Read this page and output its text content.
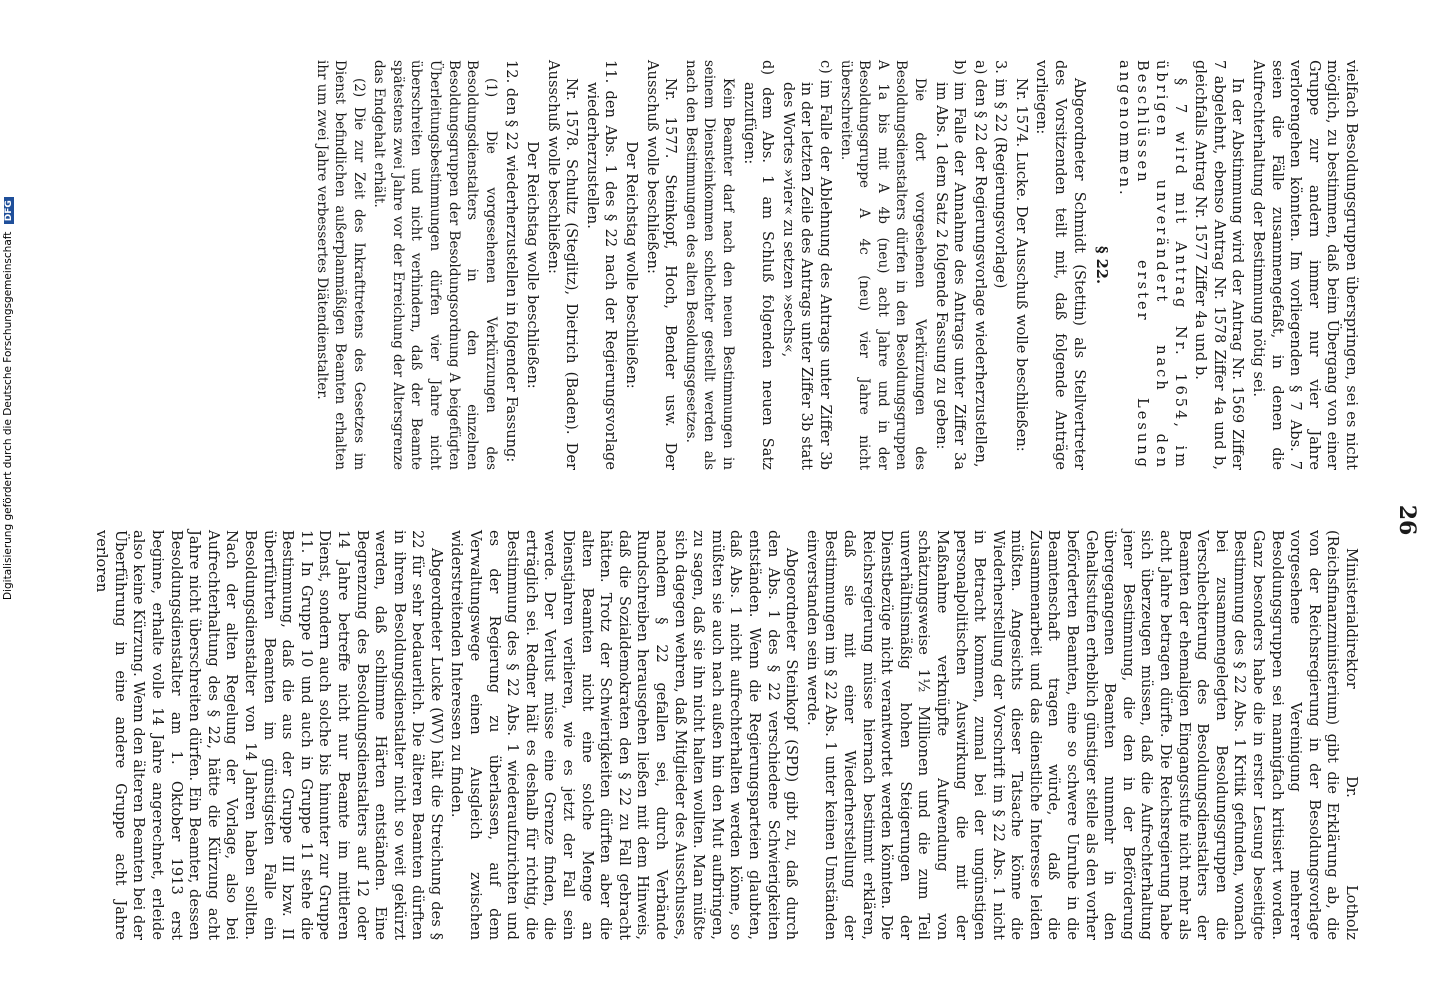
26

vielfach Besoldungsgruppen überspringen, sei es nicht möglich, zu bestimmen, daß beim Übergang von einer Gruppe zur andern immer nur vier Jahre verlorengehen könnten. Im vorliegenden § 7 Abs. 7 seien die Fälle zusammengefaßt, in denen die Aufrechterhaltung der Bestimmung nötig sei.

In der Abstimmung wird der Antrag Nr. 1569 Ziffer 7 abgelehnt, ebenso Antrag Nr. 1578 Ziffer 4a und b, gleichfalls Antrag Nr. 1577 Ziffer 4a und b.

§ 7 wird mit Antrag Nr. 1654, im übrigen unverändert nach den Beschlüssen erster Lesung angenommen.

§ 22.

Abgeordneter Schmidt (Stettin) als Stellvertreter des Vorsitzenden teilt mit, daß folgende Anträge vorliegen:

Nr. 1574. Lucke. Der Ausschuß wolle beschließen:

3. im § 22 (Regierungsvorlage)

a) den § 22 der Regierungsvorlage wiederherzustellen,

b) im Falle der Annahme des Antrags unter Ziffer 3a im Abs. 1 dem Satz 2 folgende Fassung zu geben:

Die dort vorgesehenen Verkürzungen des Besoldungsdienstalters dürfen in den Besoldungsgruppen A 1a bis mit A 4b (neu) acht Jahre und in der Besoldungsgruppe A 4c (neu) vier Jahre nicht überschreiten.

c) im Falle der Ablehnung des Antrags unter Ziffer 3b in der letzten Zeile des Antrags unter Ziffer 3b statt des Wortes »vier« zu setzen »sechs«,

d) dem Abs. 1 am Schluß folgenden neuen Satz anzufügen:

Kein Beamter darf nach den neuen Bestimmungen in seinem Diensteinkommen schlechter gestellt werden als nach den Bestimmungen des alten Besoldungsgesetzes.

Nr. 1577. Steinkopf, Hoch, Bender usw. Der Ausschuß wolle beschließen:

Der Reichstag wolle beschließen:

11. den Abs. 1 des § 22 nach der Regierungsvorlage wiederherzustellen.

Nr. 1578. Schultz (Steglitz), Dietrich (Baden). Der Ausschuß wolle beschließen:

Der Reichstag wolle beschließen:

12. den § 22 wiederherzustellen in folgender Fassung:

(1) Die vorgesehenen Verkürzungen des Besoldungsdienstalters in den einzelnen Besoldungsgruppen der Besoldungsordnung A beigefügten Überleitungsbestimmungen dürfen vier Jahre nicht überschreiten und nicht verhindern, daß der Beamte spätestens zwei Jahre vor der Erreichung der Altersgrenze das Endgehalt erhält.

(2) Die zur Zeit des Inkrafttretens des Gesetzes im Dienst befindlichen außerplanmäßigen Beamten erhalten ihr um zwei Jahre verbessertes Diätendienstalter.

Ministerialdirektor Dr. Lotholz (Reichsfinanzministerium) gibt die Erklärung ab, die von der Reichsregierung in der Besoldungsvorlage vorgesehene Vereinigung mehrerer Besoldungsgruppen sei mannigfach kritisiert worden. Ganz besonders habe die in erster Lesung beseitigte Bestimmung des § 22 Abs. 1 Kritik gefunden, wonach bei zusammengelegten Besoldungsgruppen die Verschlechterung des Besoldungsdienstalters der Beamten der ehemaligen Eingangsstufe nicht mehr als acht Jahre betragen dürfte. Die Reichsregierung habe sich überzeugen müssen, daß die Aufrechterhaltung jener Bestimmung, die den in der Beförderung übergegangenen Beamten nunmehr in den Gehaltsstufen erheblich günstiger stelle als den vorher beförderten Beamten, eine so schwere Unruhe in die Beamtenschaft tragen würde, daß die Zusammenarbeit und das dienstliche Interesse leiden müßten. Angesichts dieser Tatsache könne die Wiederherstellung der Vorschrift im § 22 Abs. 1 nicht in Betracht kommen, zumal bei der ungünstigen personalpolitischen Auswirkung die mit der Maßnahme verknüpfte Aufwendung von schätzungsweise 1½ Millionen und die zum Teil unverhältnismäßig hohen Steigerungen der Dienstbezüge nicht verantwortet werden könnten. Die Reichsregierung müsse hiernach bestimmt erklären, daß sie mit einer Wiederherstellung der Bestimmungen im § 22 Abs. 1 unter keinen Umständen einverstanden sein werde.

Abgeordneter Steinkopf (SPD) gibt zu, daß durch den Abs. 1 des § 22 verschiedene Schwierigkeiten entständen. Wenn die Regierungsparteien glaubten, daß Abs. 1 nicht aufrechterhalten werden könne, so müßten sie auch nach außen hin den Mut aufbringen, zu sagen, daß sie ihn nicht halten wollten. Man müßte sich dagegen wehren, daß Mitglieder des Ausschusses, nachdem § 22 gefallen sei, durch Verbände Rundschreiben herausgehen ließen mit dem Hinweis, daß die Sozialdemokraten den § 22 zu Fall gebracht hätten. Trotz der Schwierigkeiten dürften aber die alten Beamten nicht eine solche Menge an Dienstjahren verlieren, wie es jetzt der Fall sein werde. Der Verlust müsse eine Grenze finden, die erträglich sei. Redner hält es deshalb für richtig, die Bestimmung des § 22 Abs. 1 wiederaufzurichten und es der Regierung zu überlassen, auf dem Verwaltungswege einen Ausgleich zwischen widerstreitenden Interessen zu finden.

Abgeordneter Lucke (WV) hält die Streichung des § 22 für sehr bedauerlich. Die älteren Beamten dürften in ihrem Besoldungsdienstalter nicht so weit gekürzt werden, daß schlimme Härten entständen. Eine Begrenzung des Besoldungsdienstalters auf 12 oder 14 Jahre betreffe nicht nur Beamte im mittleren Dienst, sondern auch solche bis hinunter zur Gruppe 11. In Gruppe 10 und auch in Gruppe 11 stehe die Bestimmung, daß die aus der Gruppe III bzw. II überführten Beamten im günstigsten Falle ein Besoldungsdienstalter von 14 Jahren haben sollten. Nach der alten Regelung der Vorlage, also bei Aufrechterhaltung des § 22, hätte die Kürzung acht Jahre nicht überschreiten dürfen. Ein Beamter, dessen Besoldungsdienstalter am 1. Oktober 1913 erst beginne, erhalte volle 14 Jahre angerechnet, erleide also keine Kürzung. Wenn den älteren Beamten bei der Überführung in eine andere Gruppe acht Jahre verloren

Digitalisierung gefördert durch die Deutsche Forschungsgemeinschaft DFG
